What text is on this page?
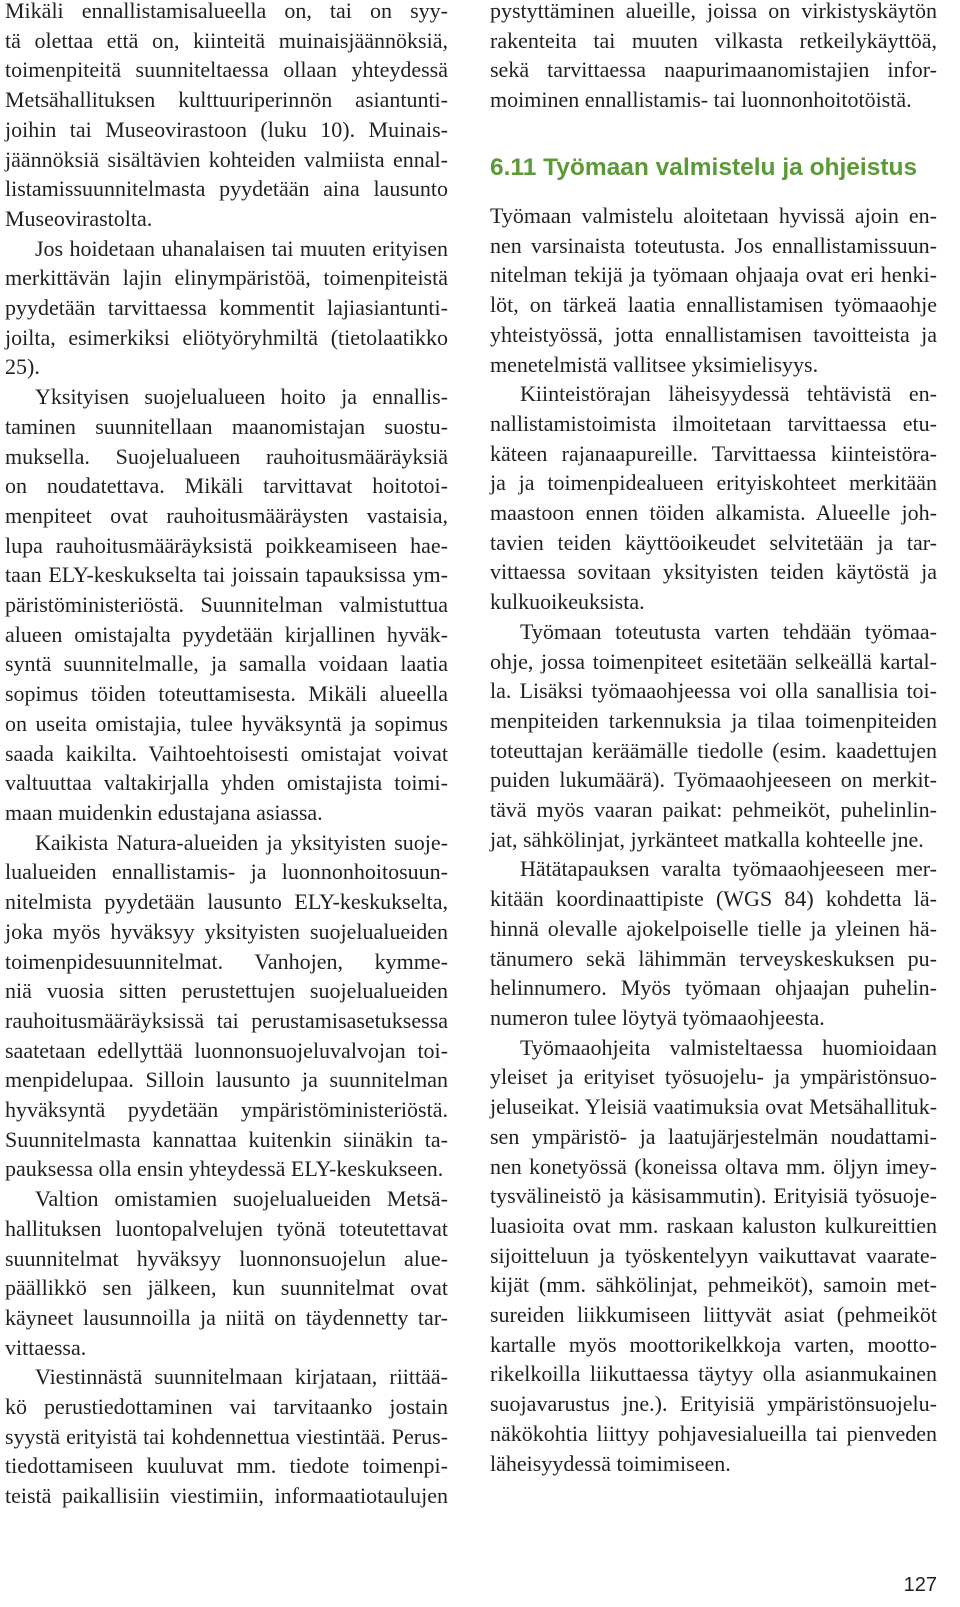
Mikäli ennallistamisalueella on, tai on syy-
tä olettaa että on, kiinteitä muinaisjäännöksiä,
toimenpiteitä suunniteltaessa ollaan yhteydessä
Metsähallituksen kulttuuriperinnön asiantunti-
joihin tai Museovirastoon (luku 10). Muinais-
jäännöksiä sisältävien kohteiden valmiista ennal-
listamissuunnitelmasta pyydetään aina lausunto
Museovirastolta.
Jos hoidetaan uhanalaisen tai muuten erityisen
merkittävän lajin elinympäristöä, toimenpiteistä
pyydetään tarvittaessa kommentit lajiasiantunti-
joilta, esimerkiksi eliötyöryhmiltä (tietolaatikko
25).
Yksityisen suojelualueen hoito ja ennallis-
taminen suunnitellaan maanomistajan suostu-
muksella. Suojelualueen rauhoitusmääräyksiä
on noudatettava. Mikäli tarvittavat hoitotoi-
menpiteet ovat rauhoitusmääräysten vastaisia,
lupa rauhoitusmääräyksistä poikkeamiseen hae-
taan ELY-keskukselta tai joissain tapauksissa ym-
päristöministeriöstä. Suunnitelman valmistuttua
alueen omistajalta pyydetään kirjallinen hyväk-
syntä suunnitelmalle, ja samalla voidaan laatia
sopimus töiden toteuttamisesta. Mikäli alueella
on useita omistajia, tulee hyväksyntä ja sopimus
saada kaikilta. Vaihtoehtoisesti omistajat voivat
valtuuttaa valtakirjalla yhden omistajista toimi-
maan muidenkin edustajana asiassa.
Kaikista Natura-alueiden ja yksityisten suoje-
lualueiden ennallistamis- ja luonnonhoitosuun-
nitelmista pyydetään lausunto ELY-keskukselta,
joka myös hyväksyy yksityisten suojelualueiden
toimenpidesuunnitelmat. Vanhojen, kymme-
niä vuosia sitten perustettujen suojelualueiden
rauhoitusmääräyksissä tai perustamisasetuksessa
saatetaan edellyttää luonnonsuojeluvalvojan toi-
menpidelupaa. Silloin lausunto ja suunnitelman
hyväksyntä pyydetään ympäristöministeriöstä.
Suunnitelmasta kannattaa kuitenkin siinäkin ta-
pauksessa olla ensin yhteydessä ELY-keskukseen.
Valtion omistamien suojelualueiden Metsä-
hallituksen luontopalvelujen työnä toteutettavat
suunnitelmat hyväksyy luonnonsuojelun alue-
päällikkö sen jälkeen, kun suunnitelmat ovat
käyneet lausunnoilla ja niitä on täydennetty tar-
vittaessa.
Viestinnästä suunnitelmaan kirjataan, riittää-
kö perustiedottaminen vai tarvitaanko jostain
syystä erityistä tai kohdennettua viestintää. Perus-
tiedottamiseen kuuluvat mm. tiedote toimenpi-
teistä paikallisiin viestimiin, informaatiotaulujen
pystyttäminen alueille, joissa on virkistyskäytön
rakenteita tai muuten vilkasta retkeilykäyttöä,
sekä tarvittaessa naapurimaanomistajien infor-
moiminen ennallistamis- tai luonnonhoitotöistä.
6.11 Työmaan valmistelu ja ohjeistus
Työmaan valmistelu aloitetaan hyvissä ajoin en-
nen varsinaista toteutusta. Jos ennallistamissuun-
nitelman tekijä ja työmaan ohjaaja ovat eri henki-
löt, on tärkeä laatia ennallistamisen työmaaohje
yhteistyössä, jotta ennallistamisen tavoitteista ja
menetelmistä vallitsee yksimielisyys.
Kiinteistörajan läheisyydessä tehtävistä en-
nallistamistoimista ilmoitetaan tarvittaessa etu-
käteen rajanaapureille. Tarvittaessa kiinteistöra-
ja ja toimenpidealueen erityiskohteet merkitään
maastoon ennen töiden alkamista. Alueelle joh-
tavien teiden käyttöoikeudet selvitetään ja tar-
vittaessa sovitaan yksityisten teiden käytöstä ja
kulkuoikeuksista.
Työmaan toteutusta varten tehdään työmaa-
ohje, jossa toimenpiteet esitetään selkeällä kartal-
la. Lisäksi työmaaohjeessa voi olla sanallisia toi-
menpiteiden tarkennuksia ja tilaa toimenpiteiden
toteuttajan keräämälle tiedolle (esim. kaadettujen
puiden lukumäärä). Työmaaohjeeseen on merkit-
tävä myös vaaran paikat: pehmeiköt, puhelinlin-
jat, sähkölinjat, jyrkänteet matkalla kohteelle jne.
Hätätapauksen varalta työmaaohjeeseen mer-
kitään koordinaattipiste (WGS 84) kohdetta lä-
hinnä olevalle ajokelpoiselle tielle ja yleinen hä-
tänumero sekä lähimmän terveyskeskuksen pu-
helinnumero. Myös työmaan ohjaajan puhelin-
numeron tulee löytyä työmaaohjeesta.
Työmaaohjeita valmisteltaessa huomioidaan
yleiset ja erityiset työsuojelu- ja ympäristönsuo-
jeluseikat. Yleisiä vaatimuksia ovat Metsähallituk-
sen ympäristö- ja laatujärjestelmän noudattami-
nen konetyössä (koneissa oltava mm. öljyn imey-
tysvälineistö ja käsisammutin). Erityisiä työsuoje-
luasioita ovat mm. raskaan kaluston kulkureittien
sijoitteluun ja työskentelyyn vaikuttavat vaarate-
kijät (mm. sähkölinjat, pehmeiköt), samoin met-
sureiden liikkumiseen liittyvät asiat (pehmeiköt
kartalle myös moottorikelkkoja varten, mootto-
rikelkoilla liikuttaessa täytyy olla asianmukainen
suojavarustus jne.). Erityisiä ympäristönsuojelu-
näkökohtia liittyy pohjavesialueilla tai pienveden
läheisyydessä toimimiseen.
127
